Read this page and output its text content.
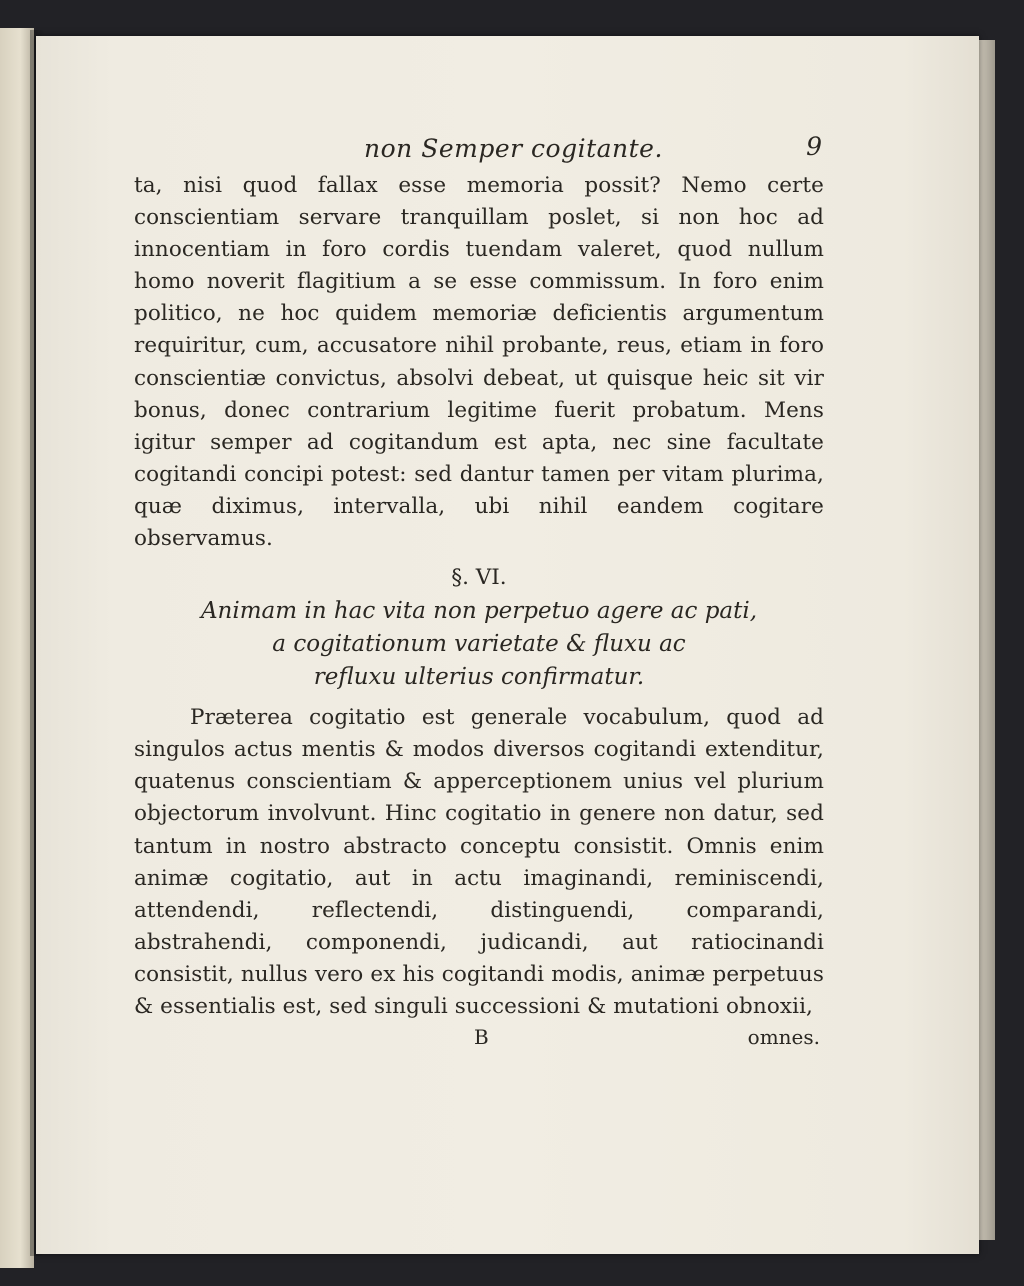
non Semper cogitante.	9

ta, nisi quod fallax esse memoria possit? Nemo certe conscientiam servare tranquillam poslet, si non hoc ad innocentiam in foro cordis tuendam valeret, quod nullum homo noverit flagitium a se esse commissum. In foro enim politico, ne hoc quidem memoriæ deficientis argumentum requiritur, cum, accusatore nihil probante, reus, etiam in foro conscientiæ convictus, absolvi debeat, ut quisque heic sit vir bonus, donec contrarium legitime fuerit probatum. Mens igitur semper ad cogitandum est apta, nec sine facultate cogitandi concipi potest: sed dantur tamen per vitam plurima, quæ diximus, intervalla, ubi nihil eandem cogitare observamus.

§. VI.
Animam in hac vita non perpetuo agere ac pati,
a cogitationum varietate & fluxu ac
refluxu ulterius confirmatur.

Præterea cogitatio est generale vocabulum, quod ad singulos actus mentis & modos diversos cogitandi extenditur, quatenus conscientiam & apperceptionem unius vel plurium objectorum involvunt. Hinc cogitatio in genere non datur, sed tantum in nostro abstracto conceptu consistit. Omnis enim animæ cogitatio, aut in actu imaginandi, reminiscendi, attendendi, reflectendi, distinguendi, comparandi, abstrahendi, componendi, judicandi, aut ratiocinandi consistit, nullus vero ex his cogitandi modis, animæ perpetuus & essentialis est, sed singuli successioni & mutationi obnoxii,

B	omnes.
